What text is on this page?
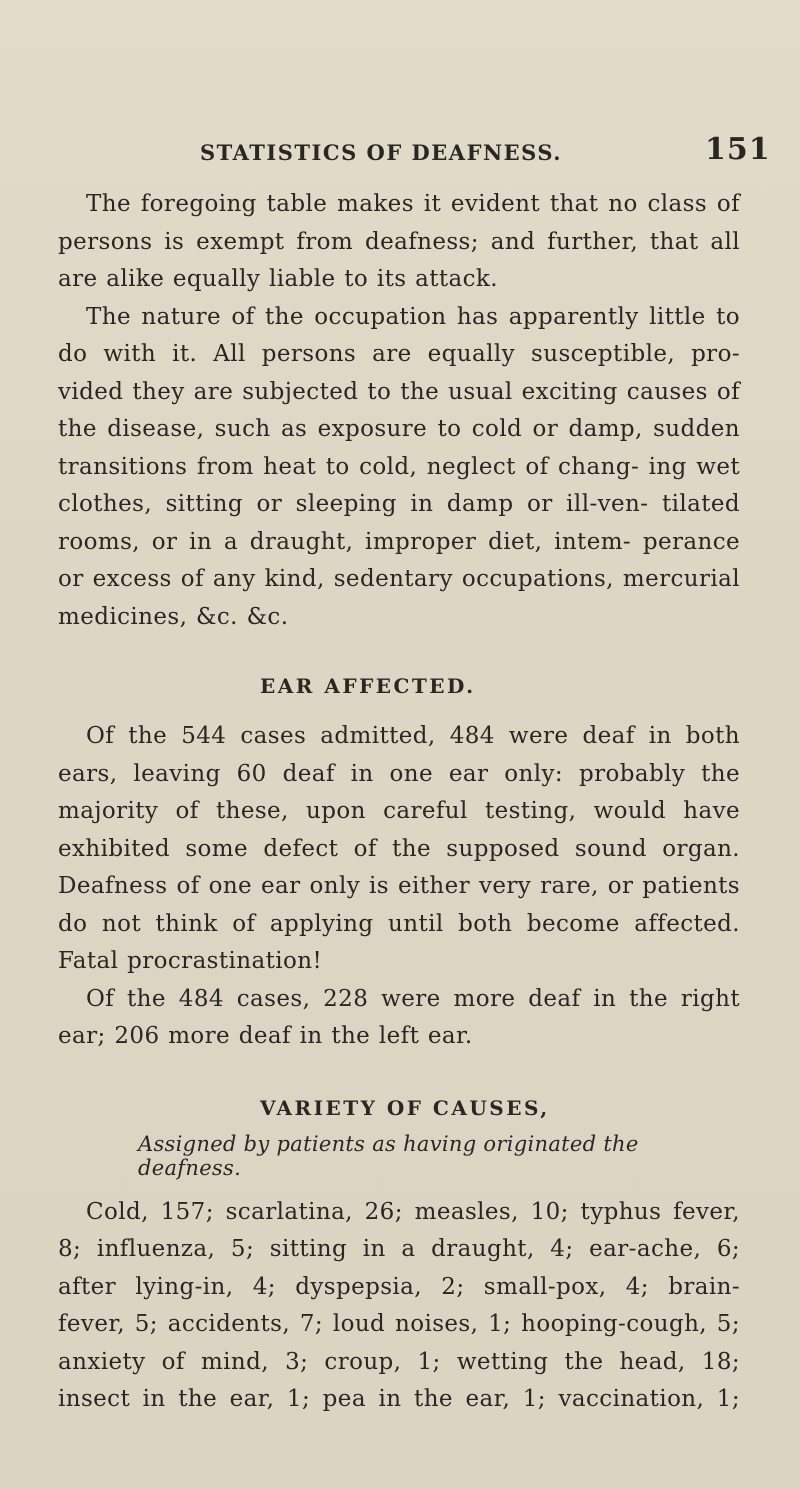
STATISTICS OF DEAFNESS.	151

The foregoing table makes it evident that no class of persons is exempt from deafness; and further, that all are alike equally liable to its attack.

The nature of the occupation has apparently little to do with it. All persons are equally susceptible, pro- vided they are subjected to the usual exciting causes of the disease, such as exposure to cold or damp, sudden transitions from heat to cold, neglect of chang- ing wet clothes, sitting or sleeping in damp or ill-ven- tilated rooms, or in a draught, improper diet, intem- perance or excess of any kind, sedentary occupations, mercurial medicines, &c. &c.

EAR AFFECTED.

Of the 544 cases admitted, 484 were deaf in both ears, leaving 60 deaf in one ear only: probably the majority of these, upon careful testing, would have exhibited some defect of the supposed sound organ. Deafness of one ear only is either very rare, or patients do not think of applying until both become affected. Fatal procrastination!

Of the 484 cases, 228 were more deaf in the right ear; 206 more deaf in the left ear.

VARIETY OF CAUSES,
Assigned by patients as having originated the deafness.

Cold, 157; scarlatina, 26; measles, 10; typhus fever, 8; influenza, 5; sitting in a draught, 4; ear-ache, 6; after lying-in, 4; dyspepsia, 2; small-pox, 4; brain- fever, 5; accidents, 7; loud noises, 1; hooping-cough, 5; anxiety of mind, 3; croup, 1; wetting the head, 18; insect in the ear, 1; pea in the ear, 1; vaccination, 1;
